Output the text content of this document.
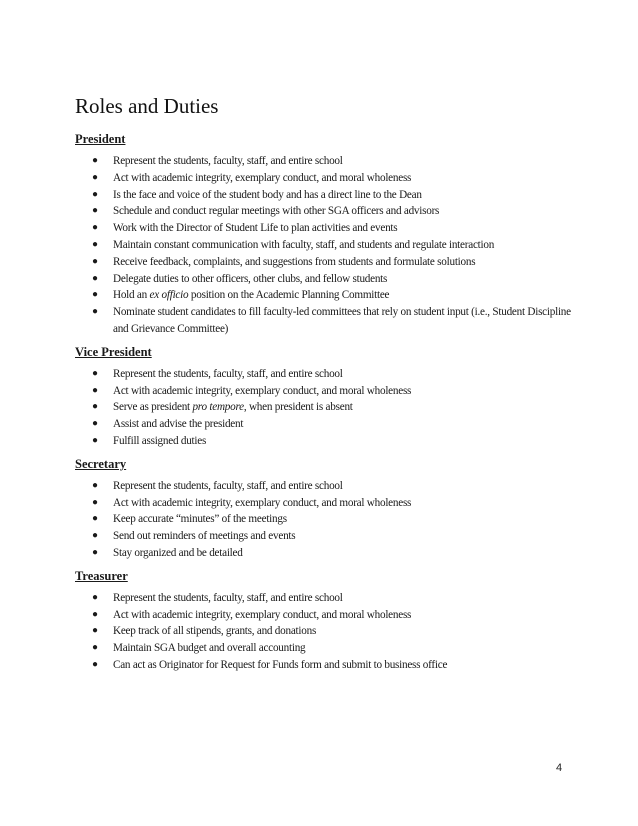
Roles and Duties
President
● Represent the students, faculty, staff, and entire school
● Act with academic integrity, exemplary conduct, and moral wholeness
● Is the face and voice of the student body and has a direct line to the Dean
● Schedule and conduct regular meetings with other SGA officers and advisors
● Work with the Director of Student Life to plan activities and events
● Maintain constant communication with faculty, staff, and students and regulate interaction
● Receive feedback, complaints, and suggestions from students and formulate solutions
● Delegate duties to other officers, other clubs, and fellow students
● Hold an ex officio position on the Academic Planning Committee
● Nominate student candidates to fill faculty-led committees that rely on student input (i.e., Student Discipline and Grievance Committee)
Vice President
● Represent the students, faculty, staff, and entire school
● Act with academic integrity, exemplary conduct, and moral wholeness
● Serve as president pro tempore, when president is absent
● Assist and advise the president
● Fulfill assigned duties
Secretary
● Represent the students, faculty, staff, and entire school
● Act with academic integrity, exemplary conduct, and moral wholeness
● Keep accurate “minutes” of the meetings
● Send out reminders of meetings and events
● Stay organized and be detailed
Treasurer
● Represent the students, faculty, staff, and entire school
● Act with academic integrity, exemplary conduct, and moral wholeness
● Keep track of all stipends, grants, and donations
● Maintain SGA budget and overall accounting
● Can act as Originator for Request for Funds form and submit to business office
4
